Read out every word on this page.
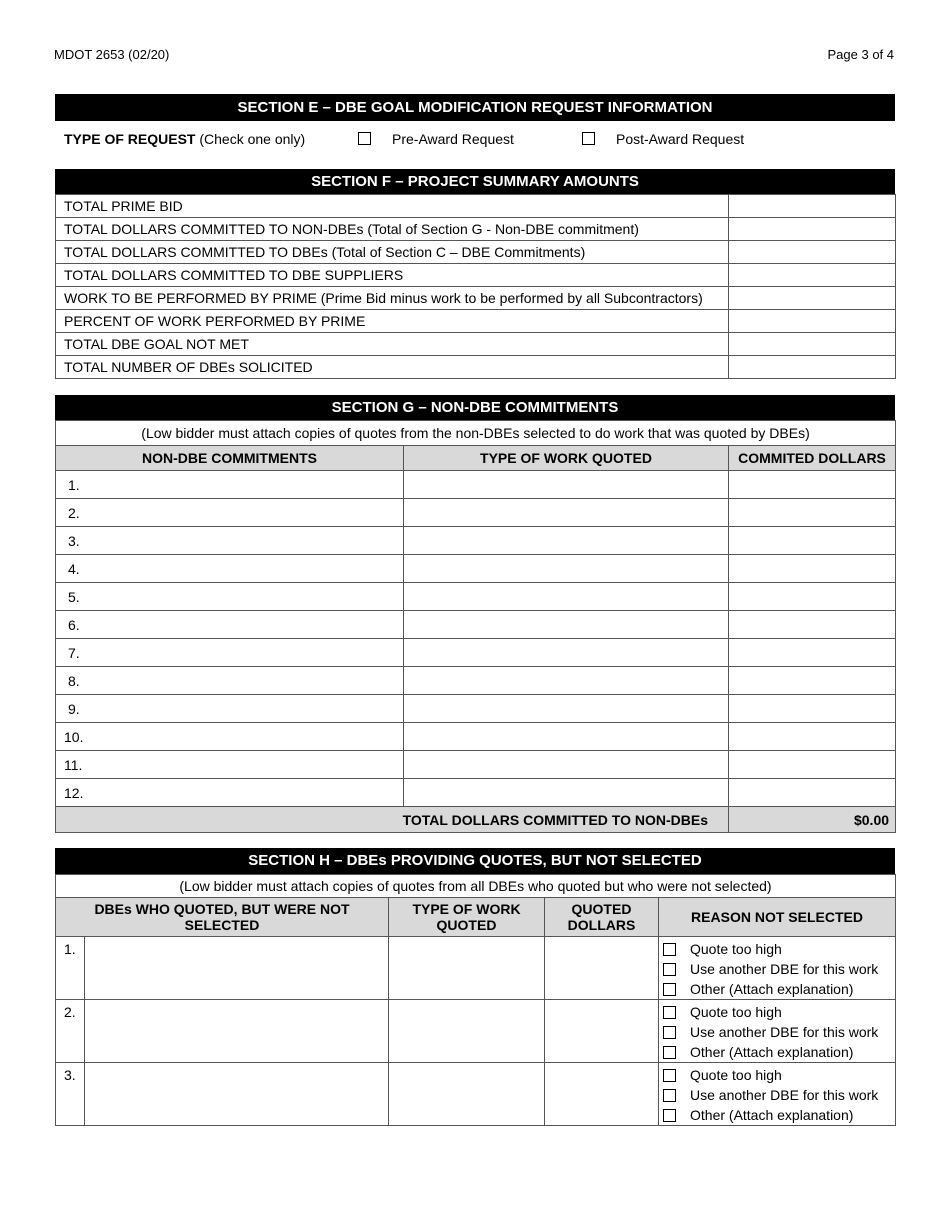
MDOT 2653 (02/20)	Page 3 of 4
SECTION E – DBE GOAL MODIFICATION REQUEST INFORMATION
TYPE OF REQUEST (Check one only)	Pre-Award Request	Post-Award Request
SECTION F – PROJECT SUMMARY AMOUNTS
TOTAL PRIME BID	
TOTAL DOLLARS COMMITTED TO NON-DBEs (Total of Section G - Non-DBE commitment)	
TOTAL DOLLARS COMMITTED TO DBEs (Total of Section C – DBE Commitments)	
TOTAL DOLLARS COMMITTED TO DBE SUPPLIERS	
WORK TO BE PERFORMED BY PRIME (Prime Bid minus work to be performed by all Subcontractors)	
PERCENT OF WORK PERFORMED BY PRIME	
TOTAL DBE GOAL NOT MET	
TOTAL NUMBER OF DBEs SOLICITED	
SECTION G – NON-DBE COMMITMENTS
(Low bidder must attach copies of quotes from the non-DBEs selected to do work that was quoted by DBEs)		
NON-DBE COMMITMENTS	TYPE OF WORK QUOTED	COMMITED DOLLARS
1.		
2.		
3.		
4.		
5.		
6.		
7.		
8.		
9.		
10.		
11.		
12.		
TOTAL DOLLARS COMMITTED TO NON-DBEs		$0.00
SECTION H – DBEs PROVIDING QUOTES, BUT NOT SELECTED
(Low bidder must attach copies of quotes from all DBEs who quoted but who were not selected)				
DBEs WHO QUOTED, BUT WERE NOT SELECTED		TYPE OF WORK QUOTED	QUOTED DOLLARS	REASON NOT SELECTED
1.				Quote too high
Use another DBE for this work
Other (Attach explanation)

2.				Quote too high
Use another DBE for this work
Other (Attach explanation)

3.				Quote too high
Use another DBE for this work
Other (Attach explanation)
